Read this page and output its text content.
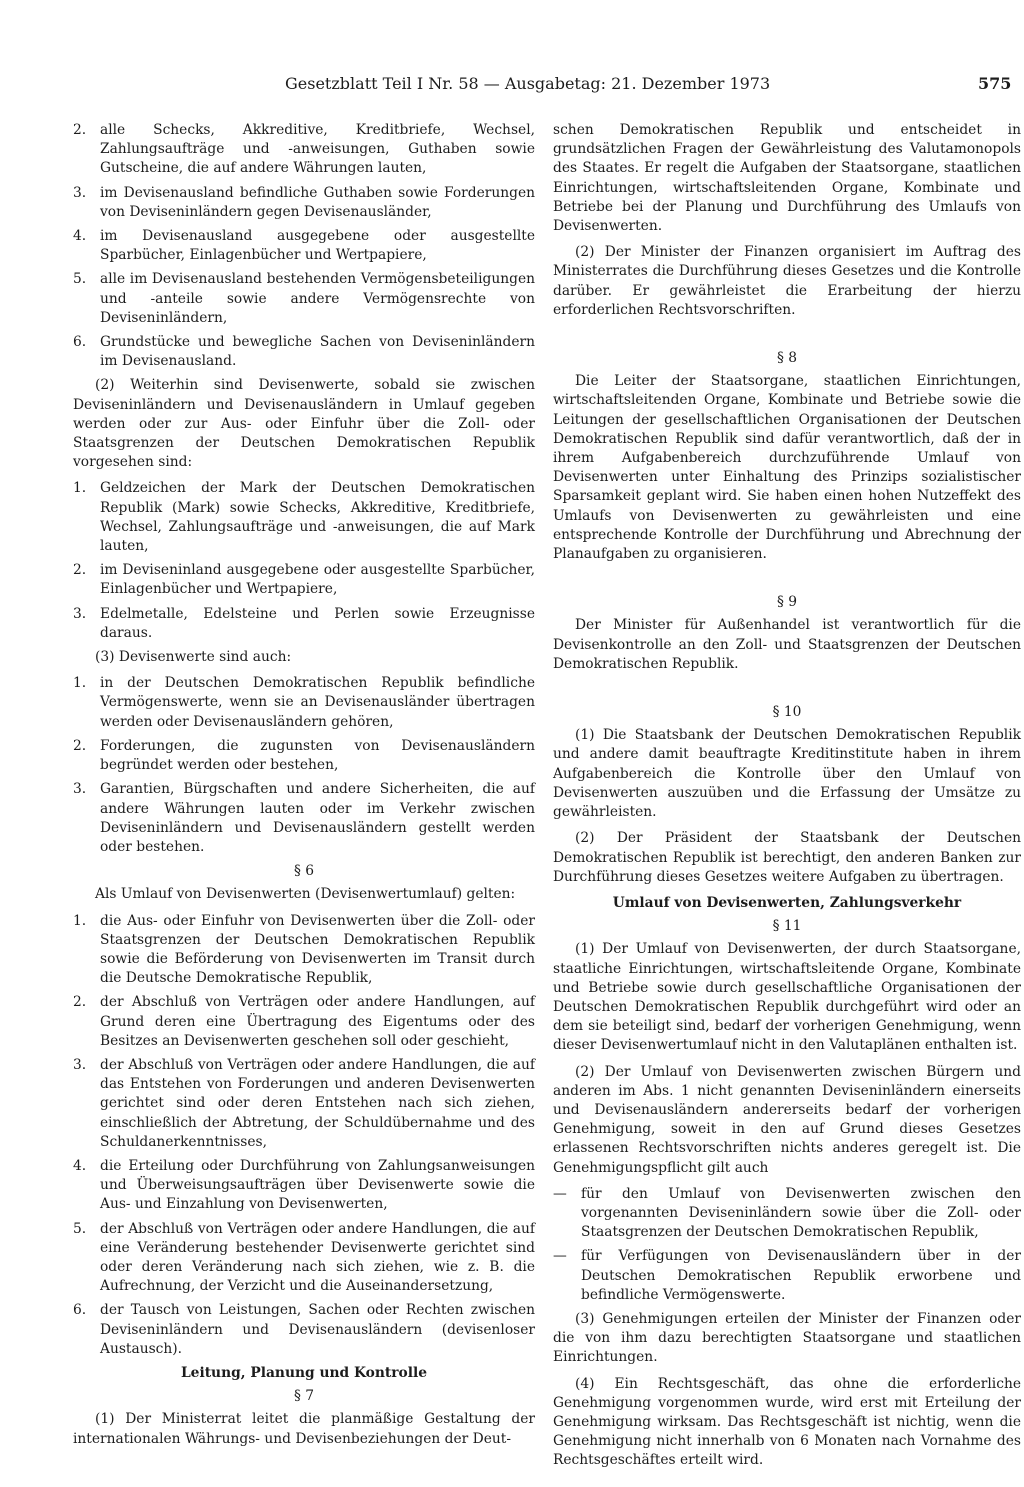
Gesetzblatt Teil I Nr. 58 — Ausgabetag: 21. Dezember 1973	575
2. alle Schecks, Akkreditive, Kreditbriefe, Wechsel, Zahlungsaufträge und -anweisungen, Guthaben sowie Gutscheine, die auf andere Währungen lauten,
3. im Devisenausland befindliche Guthaben sowie Forderungen von Deviseninländern gegen Devisenausländer,
4. im Devisenausland ausgegebene oder ausgestellte Sparbücher, Einlagenbücher und Wertpapiere,
5. alle im Devisenausland bestehenden Vermögensbeteiligungen und -anteile sowie andere Vermögensrechte von Deviseninländern,
6. Grundstücke und bewegliche Sachen von Deviseninländern im Devisenausland.

(2) Weiterhin sind Devisenwerte, sobald sie zwischen Deviseninländern und Devisenausländern in Umlauf gegeben werden oder zur Aus- oder Einfuhr über die Zoll- oder Staatsgrenzen der Deutschen Demokratischen Republik vorgesehen sind:

1. Geldzeichen der Mark der Deutschen Demokratischen Republik (Mark) sowie Schecks, Akkreditive, Kreditbriefe, Wechsel, Zahlungsaufträge und -anweisungen, die auf Mark lauten,
2. im Deviseninland ausgegebene oder ausgestellte Sparbücher, Einlagenbücher und Wertpapiere,
3. Edelmetalle, Edelsteine und Perlen sowie Erzeugnisse daraus.

(3) Devisenwerte sind auch:

1. in der Deutschen Demokratischen Republik befindliche Vermögenswerte, wenn sie an Devisenausländer übertragen werden oder Devisenausländern gehören,
2. Forderungen, die zugunsten von Devisenausländern begründet werden oder bestehen,
3. Garantien, Bürgschaften und andere Sicherheiten, die auf andere Währungen lauten oder im Verkehr zwischen Deviseninländern und Devisenausländern gestellt werden oder bestehen.
§ 6

Als Umlauf von Devisenwerten (Devisenwertumlauf) gelten:

1. die Aus- oder Einfuhr von Devisenwerten über die Zoll- oder Staatsgrenzen der Deutschen Demokratischen Republik sowie die Beförderung von Devisenwerten im Transit durch die Deutsche Demokratische Republik,
2. der Abschluß von Verträgen oder andere Handlungen, auf Grund deren eine Übertragung des Eigentums oder des Besitzes an Devisenwerten geschehen soll oder geschieht,
3. der Abschluß von Verträgen oder andere Handlungen, die auf das Entstehen von Forderungen und anderen Devisenwerten gerichtet sind oder deren Entstehen nach sich ziehen, einschließlich der Abtretung, der Schuldübernahme und des Schuldanerkenntnisses,
4. die Erteilung oder Durchführung von Zahlungsanweisungen und Überweisungsaufträgen über Devisenwerte sowie die Aus- und Einzahlung von Devisenwerten,
5. der Abschluß von Verträgen oder andere Handlungen, die auf eine Veränderung bestehender Devisenwerte gerichtet sind oder deren Veränderung nach sich ziehen, wie z. B. die Aufrechnung, der Verzicht und die Auseinandersetzung,
6. der Tausch von Leistungen, Sachen oder Rechten zwischen Deviseninländern und Devisenausländern (devisenloser Austausch).
Leitung, Planung und Kontrolle
§ 7

(1) Der Ministerrat leitet die planmäßige Gestaltung der internationalen Währungs- und Devisenbeziehungen der Deut-

schen Demokratischen Republik und entscheidet in grundsätzlichen Fragen der Gewährleistung des Valutamonopols des Staates. Er regelt die Aufgaben der Staatsorgane, staatlichen Einrichtungen, wirtschaftsleitenden Organe, Kombinate und Betriebe bei der Planung und Durchführung des Umlaufs von Devisenwerten.

(2) Der Minister der Finanzen organisiert im Auftrag des Ministerrates die Durchführung dieses Gesetzes und die Kontrolle darüber. Er gewährleistet die Erarbeitung der hierzu erforderlichen Rechtsvorschriften.

§ 8

Die Leiter der Staatsorgane, staatlichen Einrichtungen, wirtschaftsleitenden Organe, Kombinate und Betriebe sowie die Leitungen der gesellschaftlichen Organisationen der Deutschen Demokratischen Republik sind dafür verantwortlich, daß der in ihrem Aufgabenbereich durchzuführende Umlauf von Devisenwerten unter Einhaltung des Prinzips sozialistischer Sparsamkeit geplant wird. Sie haben einen hohen Nutzeffekt des Umlaufs von Devisenwerten zu gewährleisten und eine entsprechende Kontrolle der Durchführung und Abrechnung der Planaufgaben zu organisieren.

§ 9

Der Minister für Außenhandel ist verantwortlich für die Devisenkontrolle an den Zoll- und Staatsgrenzen der Deutschen Demokratischen Republik.

§ 10

(1) Die Staatsbank der Deutschen Demokratischen Republik und andere damit beauftragte Kreditinstitute haben in ihrem Aufgabenbereich die Kontrolle über den Umlauf von Devisenwerten auszuüben und die Erfassung der Umsätze zu gewährleisten.

(2) Der Präsident der Staatsbank der Deutschen Demokratischen Republik ist berechtigt, den anderen Banken zur Durchführung dieses Gesetzes weitere Aufgaben zu übertragen.

Umlauf von Devisenwerten, Zahlungsverkehr
§ 11

(1) Der Umlauf von Devisenwerten, der durch Staatsorgane, staatliche Einrichtungen, wirtschaftsleitende Organe, Kombinate und Betriebe sowie durch gesellschaftliche Organisationen der Deutschen Demokratischen Republik durchgeführt wird oder an dem sie beteiligt sind, bedarf der vorherigen Genehmigung, wenn dieser Devisenwertumlauf nicht in den Valutaplänen enthalten ist.

(2) Der Umlauf von Devisenwerten zwischen Bürgern und anderen im Abs. 1 nicht genannten Deviseninländern einerseits und Devisenausländern andererseits bedarf der vorherigen Genehmigung, soweit in den auf Grund dieses Gesetzes erlassenen Rechtsvorschriften nichts anderes geregelt ist. Die Genehmigungspflicht gilt auch

— für den Umlauf von Devisenwerten zwischen den vorgenannten Deviseninländern sowie über die Zoll- oder Staatsgrenzen der Deutschen Demokratischen Republik,
— für Verfügungen von Devisenausländern über in der Deutschen Demokratischen Republik erworbene und befindliche Vermögenswerte.

(3) Genehmigungen erteilen der Minister der Finanzen oder die von ihm dazu berechtigten Staatsorgane und staatlichen Einrichtungen.

(4) Ein Rechtsgeschäft, das ohne die erforderliche Genehmigung vorgenommen wurde, wird erst mit Erteilung der Genehmigung wirksam. Das Rechtsgeschäft ist nichtig, wenn die Genehmigung nicht innerhalb von 6 Monaten nach Vornahme des Rechtsgeschäftes erteilt wird.
